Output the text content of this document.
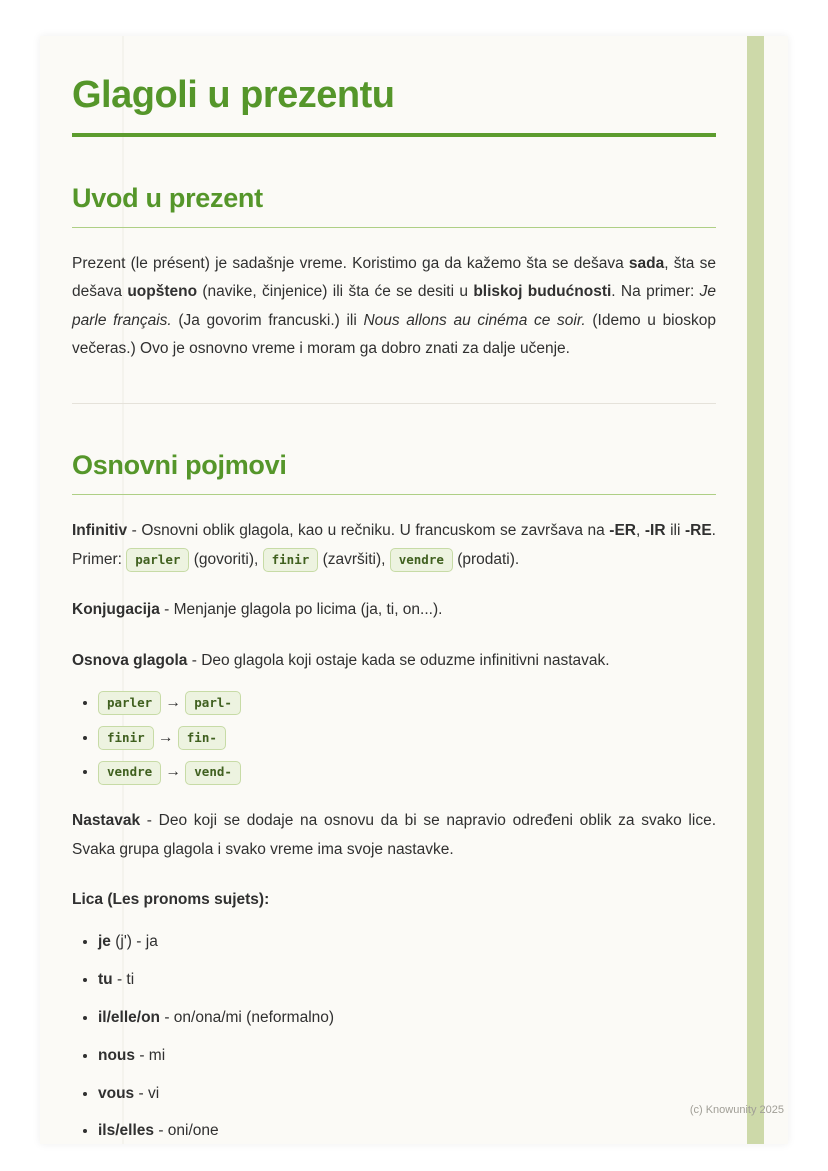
Glagoli u prezentu
Uvod u prezent

Prezent (le présent) je sadašnje vreme. Koristimo ga da kažemo šta se dešava sada, šta se dešava uopšteno (navike, činjenice) ili šta će se desiti u bliskoj budućnosti. Na primer: Je parle français. (Ja govorim francuski.) ili Nous allons au cinéma ce soir. (Idemo u bioskop večeras.) Ovo je osnovno vreme i moram ga dobro znati za dalje učenje.

Osnovni pojmovi

Infinitiv - Osnovni oblik glagola, kao u rečniku. U francuskom se završava na -ER, -IR ili -RE. Primer: parler (govoriti), finir (završiti), vendre (prodati).

Konjugacija - Menjanje glagola po licima (ja, ti, on...).

Osnova glagola - Deo glagola koji ostaje kada se oduzme infinitivni nastavak.

• parler → parl-
• finir → fin-
• vendre → vend-

Nastavak - Deo koji se dodaje na osnovu da bi se napravio određeni oblik za svako lice. Svaka grupa glagola i svako vreme ima svoje nastavke.

Lica (Les pronoms sujets):

• je (j') - ja
• tu - ti
• il/elle/on - on/ona/mi (neformalno)
• nous - mi
• vous - vi
• ils/elles - oni/one
(c) Knowunity 2025
